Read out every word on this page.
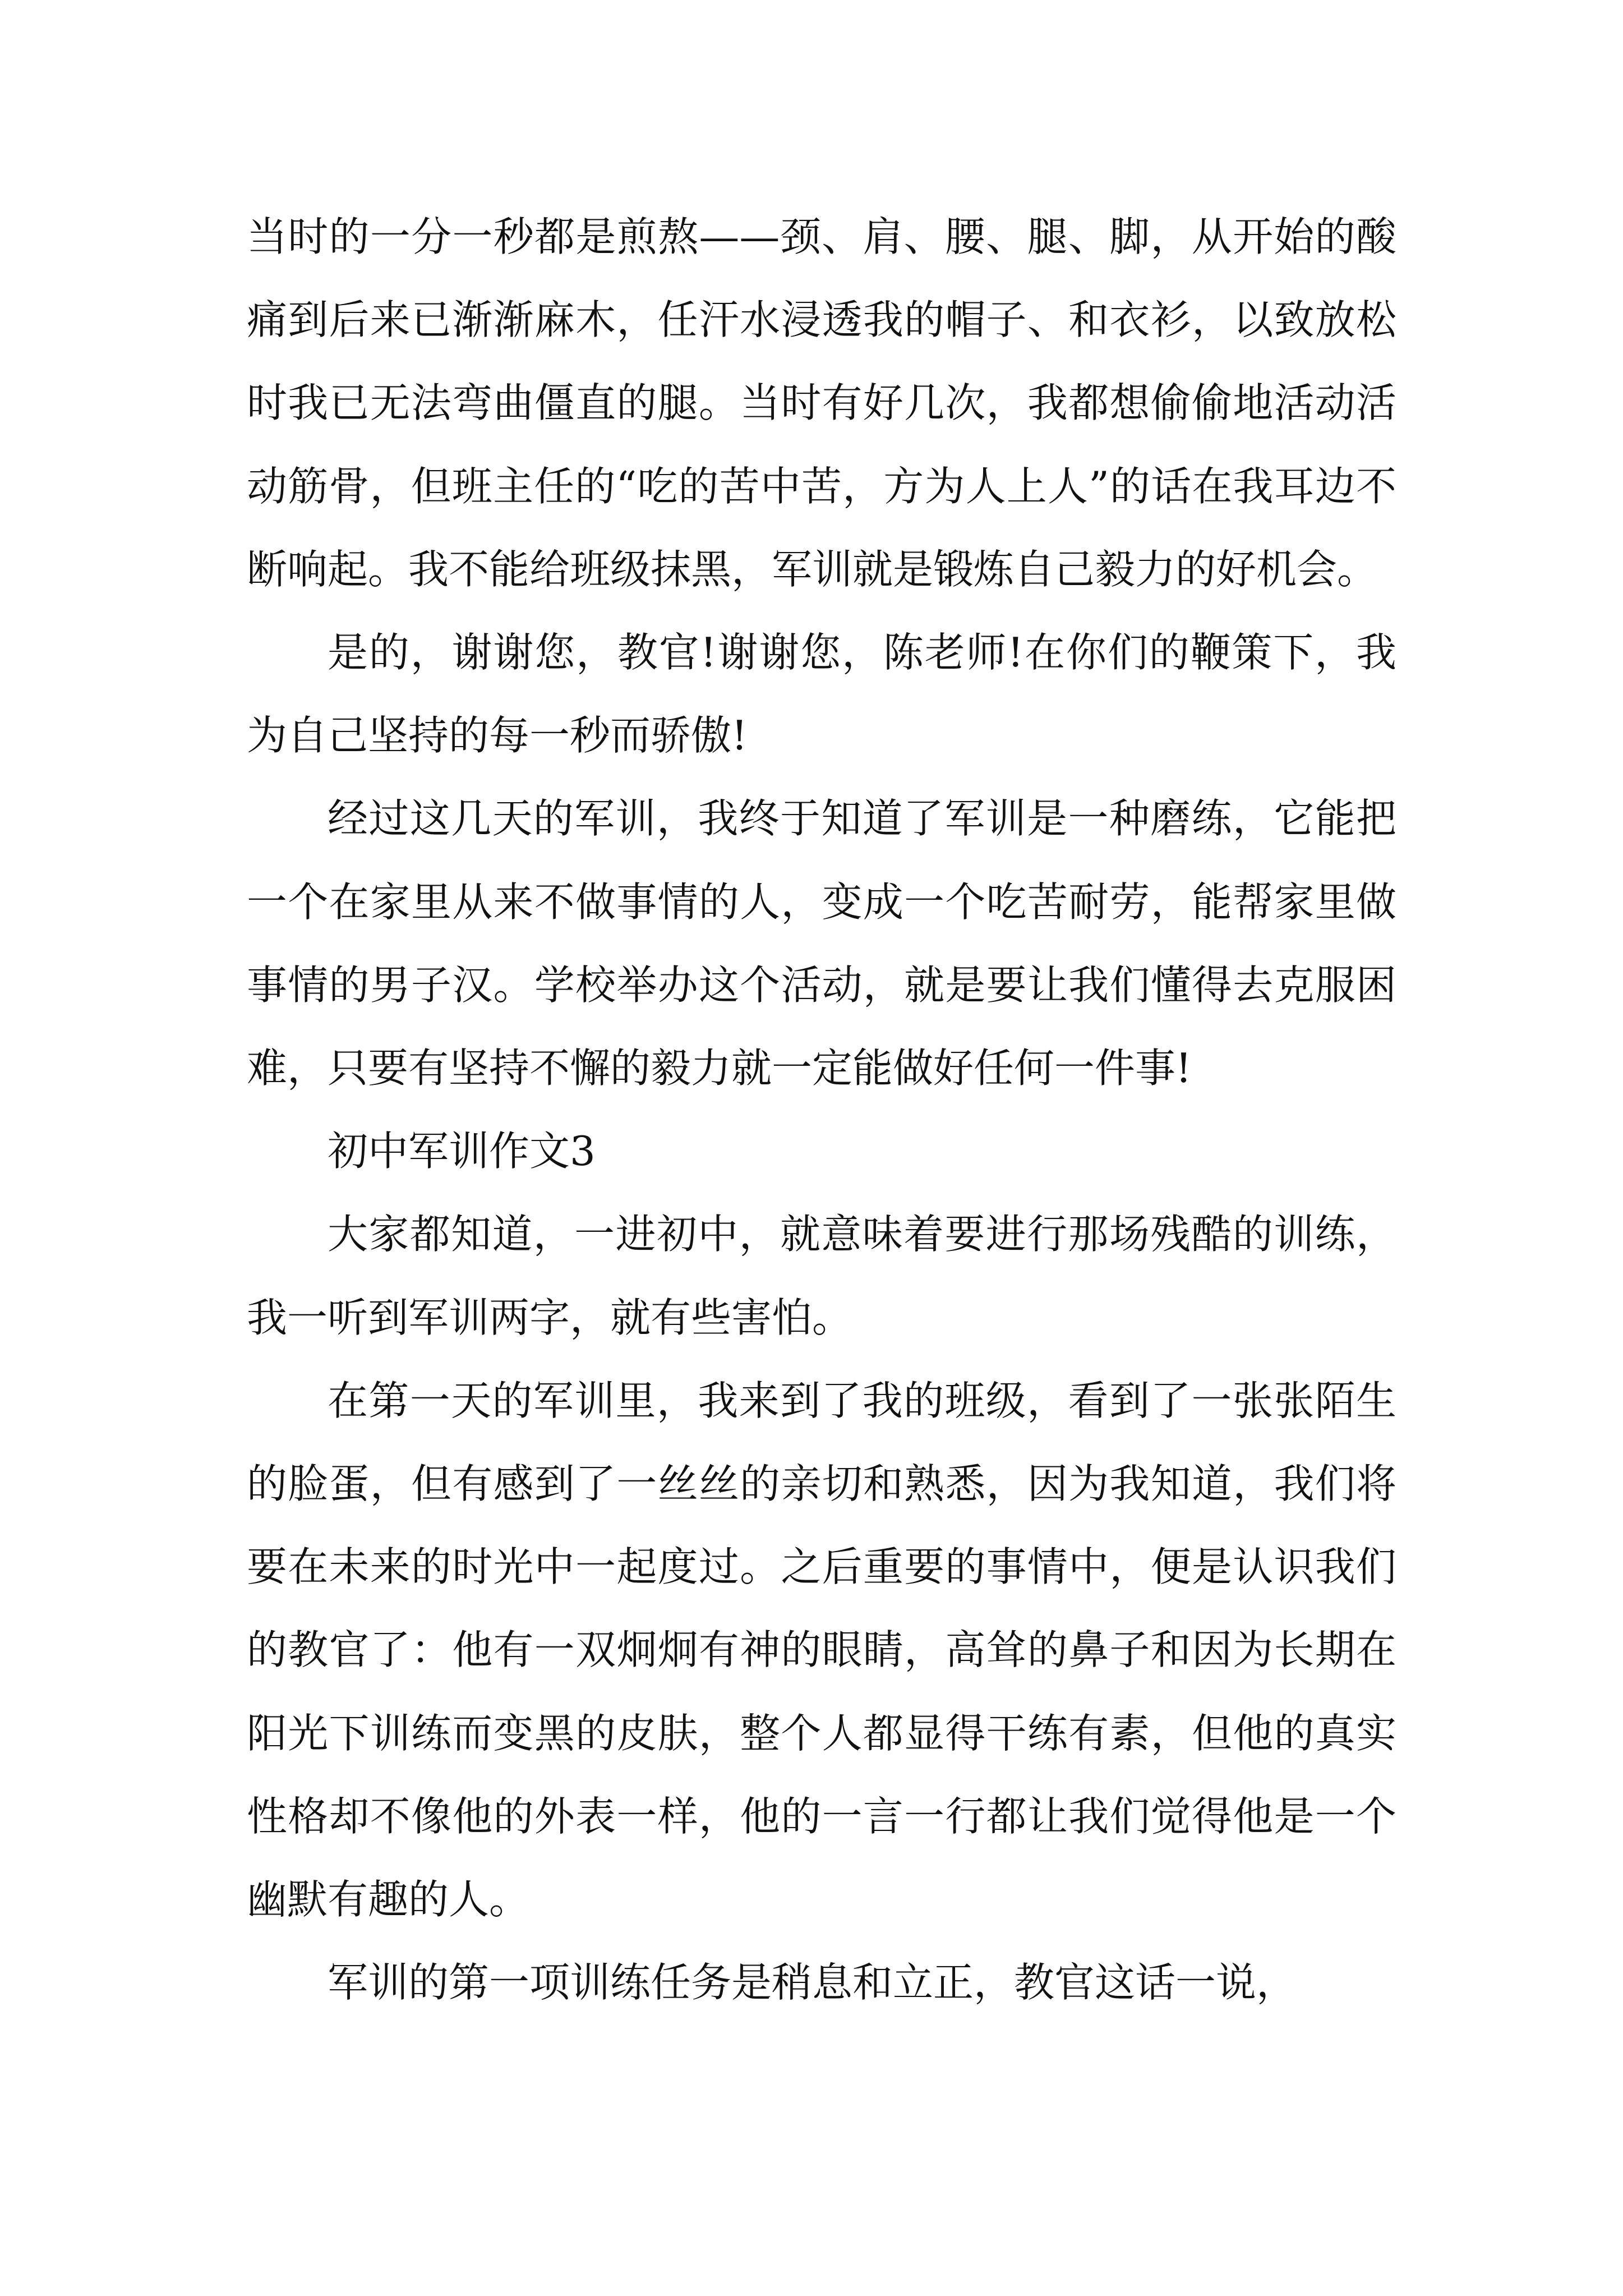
当时的一分一秒都是煎熬——颈、肩、腰、腿、脚，从开始的酸痛到后来已渐渐麻木，任汗水浸透我的帽子、和衣衫，以致放松时我已无法弯曲僵直的腿。当时有好几次，我都想偷偷地活动活动筋骨，但班主任的“吃的苦中苦，方为人上人”的话在我耳边不断响起。我不能给班级抹黑，军训就是锻炼自己毅力的好机会。

是的，谢谢您，教官!谢谢您，陈老师!在你们的鞭策下，我为自己坚持的每一秒而骄傲!

经过这几天的军训，我终于知道了军训是一种磨练，它能把一个在家里从来不做事情的人，变成一个吃苦耐劳，能帮家里做事情的男子汉。学校举办这个活动，就是要让我们懂得去克服困难，只要有坚持不懈的毅力就一定能做好任何一件事!

初中军训作文3

大家都知道，一进初中，就意味着要进行那场残酷的训练，我一听到军训两字，就有些害怕。

在第一天的军训里，我来到了我的班级，看到了一张张陌生的脸蛋，但有感到了一丝丝的亲切和熟悉，因为我知道，我们将要在未来的时光中一起度过。之后重要的事情中，便是认识我们的教官了：他有一双炯炯有神的眼睛，高耸的鼻子和因为长期在阳光下训练而变黑的皮肤，整个人都显得干练有素，但他的真实性格却不像他的外表一样，他的一言一行都让我们觉得他是一个幽默有趣的人。

军训的第一项训练任务是稍息和立正，教官这话一说，
